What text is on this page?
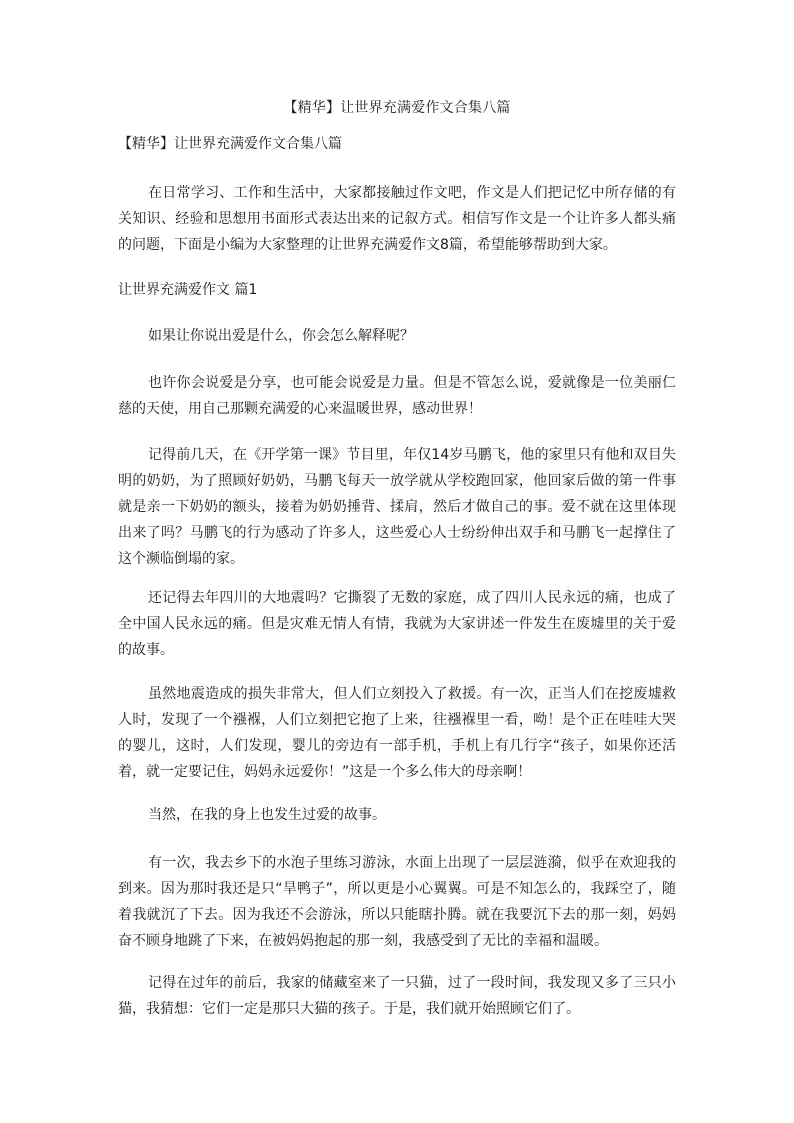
【精华】让世界充满爱作文合集八篇
【精华】让世界充满爱作文合集八篇

在日常学习、工作和生活中，大家都接触过作文吧，作文是人们把记忆中所存储的有关知识、经验和思想用书面形式表达出来的记叙方式。相信写作文是一个让许多人都头痛的问题，下面是小编为大家整理的让世界充满爱作文8篇，希望能够帮助到大家。

让世界充满爱作文 篇1

如果让你说出爱是什么，你会怎么解释呢？

也许你会说爱是分享，也可能会说爱是力量。但是不管怎么说，爱就像是一位美丽仁慈的天使，用自己那颗充满爱的心来温暖世界，感动世界！

记得前几天，在《开学第一课》节目里，年仅14岁马鹏飞，他的家里只有他和双目失明的奶奶，为了照顾好奶奶，马鹏飞每天一放学就从学校跑回家，他回家后做的第一件事就是亲一下奶奶的额头，接着为奶奶捶背、揉肩，然后才做自己的事。爱不就在这里体现出来了吗？马鹏飞的行为感动了许多人，这些爱心人士纷纷伸出双手和马鹏飞一起撑住了这个濒临倒塌的家。

还记得去年四川的大地震吗？它撕裂了无数的家庭，成了四川人民永远的痛，也成了全中国人民永远的痛。但是灾难无情人有情，我就为大家讲述一件发生在废墟里的关于爱的故事。

虽然地震造成的损失非常大，但人们立刻投入了救援。有一次，正当人们在挖废墟救人时，发现了一个襁褓，人们立刻把它抱了上来，往襁褓里一看，呦！是个正在哇哇大哭的婴儿，这时，人们发现，婴儿的旁边有一部手机，手机上有几行字“孩子，如果你还活着，就一定要记住，妈妈永远爱你！”这是一个多么伟大的母亲啊！

当然，在我的身上也发生过爱的故事。

有一次，我去乡下的水泡子里练习游泳，水面上出现了一层层涟漪，似乎在欢迎我的到来。因为那时我还是只“旱鸭子”，所以更是小心翼翼。可是不知怎么的，我踩空了，随着我就沉了下去。因为我还不会游泳，所以只能瞎扑腾。就在我要沉下去的那一刻，妈妈奋不顾身地跳了下来，在被妈妈抱起的那一刻，我感受到了无比的幸福和温暖。

记得在过年的前后，我家的储藏室来了一只猫，过了一段时间，我发现又多了三只小猫，我猜想：它们一定是那只大猫的孩子。于是，我们就开始照顾它们了。
